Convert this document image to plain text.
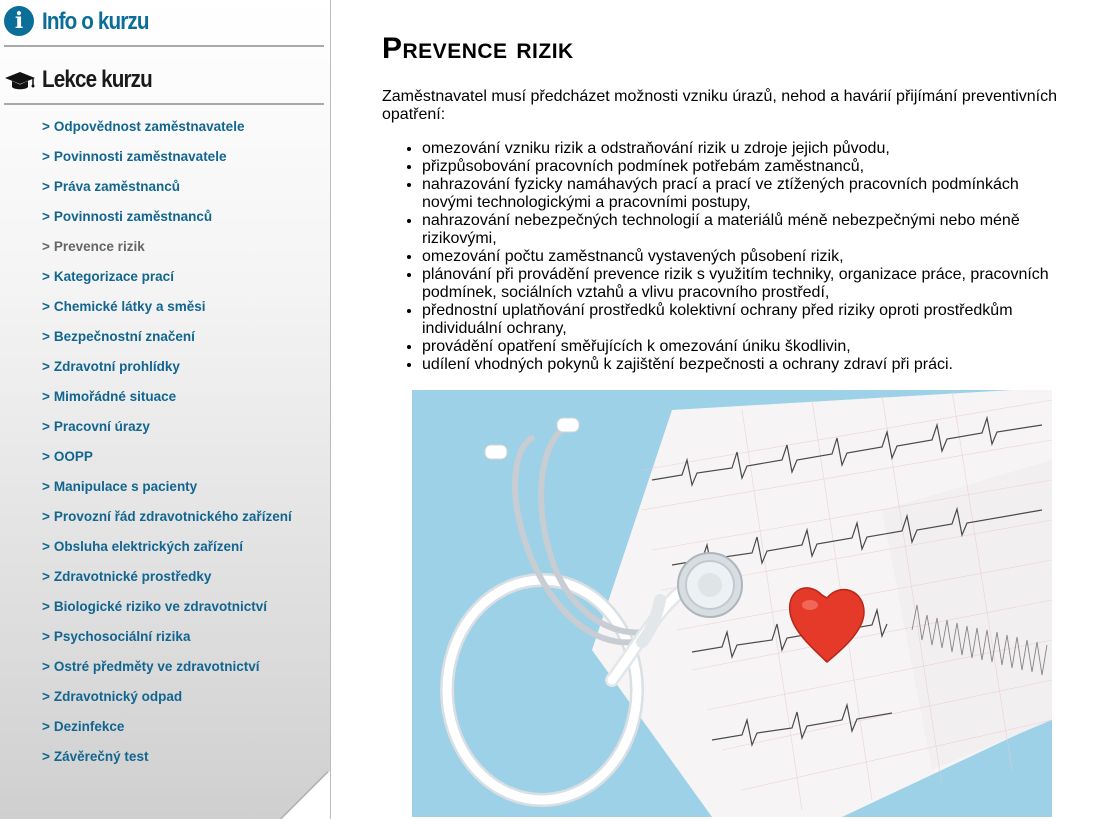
i Info o kurzu
Lekce kurzu
> Odpovědnost zaměstnavatele
> Povinnosti zaměstnavatele
> Práva zaměstnanců
> Povinnosti zaměstnanců
> Prevence rizik
> Kategorizace prací
> Chemické látky a směsi
> Bezpečnostní značení
> Zdravotní prohlídky
> Mimořádné situace
> Pracovní úrazy
> OOPP
> Manipulace s pacienty
> Provozní řád zdravotnického zařízení
> Obsluha elektrických zařízení
> Zdravotnické prostředky
> Biologické riziko ve zdravotnictví
> Psychosociální rizika
> Ostré předměty ve zdravotnictví
> Zdravotnický odpad
> Dezinfekce
> Závěrečný test
Prevence rizik

Zaměstnavatel musí předcházet možnosti vzniku úrazů, nehod a havárií přijímání preventivních opatření:

• omezování vzniku rizik a odstraňování rizik u zdroje jejich původu,
• přizpůsobování pracovních podmínek potřebám zaměstnanců,
• nahrazování fyzicky namáhavých prací a prací ve ztížených pracovních podmínkách novými technologickými a pracovními postupy,
• nahrazování nebezpečných technologií a materiálů méně nebezpečnými nebo méně rizikovými,
• omezování počtu zaměstnanců vystavených působení rizik,
• plánování při provádění prevence rizik s využitím techniky, organizace práce, pracovních podmínek, sociálních vztahů a vlivu pracovního prostředí,
• přednostní uplatňování prostředků kolektivní ochrany před riziky oproti prostředkům individuální ochrany,
• provádění opatření směřujících k omezování úniku škodlivin,
• udílení vhodných pokynů k zajištění bezpečnosti a ochrany zdraví při práci.
